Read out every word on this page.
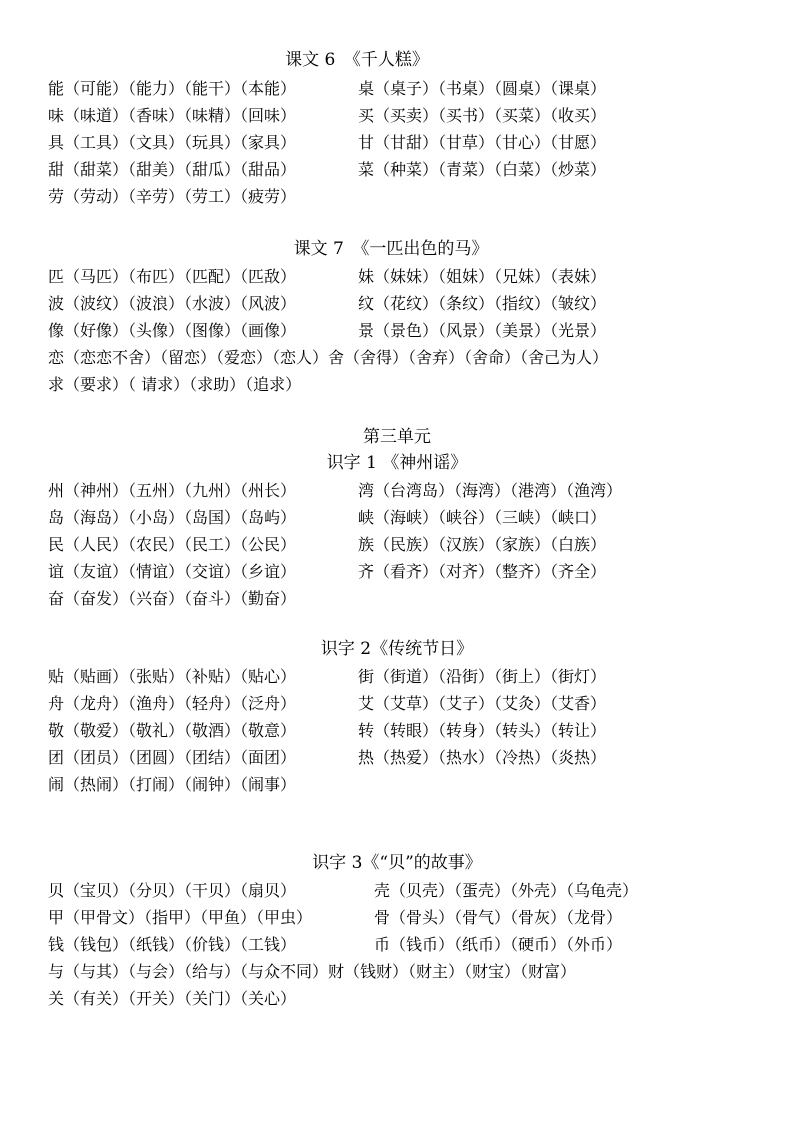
课文 6　《千人糕》
能（可能）（能力）（能干）（本能）	桌（桌子）（书桌）（圆桌）（课桌）
味（味道）（香味）（味精）（回味）	买（买卖）（买书）（买菜）（收买）
具（工具）（文具）（玩具）（家具）	甘（甘甜）（甘草）（甘心）（甘愿）
甜（甜菜）（甜美）（甜瓜）（甜品）	菜（种菜）（青菜）（白菜）（炒菜）
劳（劳动）（辛劳）（劳工）（疲劳）
课文 7　《一匹出色的马》
匹（马匹）（布匹）（匹配）（匹敌）	妹（妹妹）（姐妹）（兄妹）（表妹）
波（波纹）（波浪）（水波）（风波）	纹（花纹）（条纹）（指纹）（皱纹）
像（好像）（头像）（图像）（画像）	景（景色）（风景）（美景）（光景）
恋（恋恋不舍）（留恋）（爱恋）（恋人）舍（舍得）（舍弃）（舍命）（舍己为人）
求（要求）（ 请求）（求助）（追求）
第三单元
识字 1 《神州谣》
州（神州）（五州）（九州）（州长）	湾（台湾岛）（海湾）（港湾）（渔湾）
岛（海岛）（小岛）（岛国）（岛屿）	峡（海峡）（峡谷）（三峡）（峡口）
民（人民）（农民）（民工）（公民）	族（民族）（汉族）（家族）（白族）
谊（友谊）（情谊）（交谊）（乡谊）	齐（看齐）（对齐）（整齐）（齐全）
奋（奋发）（兴奋）（奋斗）（勤奋）
识字 2《传统节日》
贴（贴画）（张贴）（补贴）（贴心）	街（街道）（沿街）（街上）（街灯）
舟（龙舟）（渔舟）（轻舟）（泛舟）	艾（艾草）（艾子）（艾灸）（艾香）
敬（敬爱）（敬礼）（敬酒）（敬意）	转（转眼）（转身）（转头）（转让）
团（团员）（团圆）（团结）（面团）	热（热爱）（热水）（冷热）（炎热）
闹（热闹）（打闹）（闹钟）（闹事）
识字 3《“贝”的故事》
贝（宝贝）（分贝）（干贝）（扇贝）	壳（贝壳）（蛋壳）（外壳）（乌龟壳）
甲（甲骨文）（指甲）（甲鱼）（甲虫）	骨（骨头）（骨气）（骨灰）（龙骨）
钱（钱包）（纸钱）（价钱）（工钱）	币（钱币）（纸币）（硬币）（外币）
与（与其）（与会）（给与）（与众不同）财（钱财）（财主）（财宝）（财富）
关（有关）（开关）（关门）（关心）
